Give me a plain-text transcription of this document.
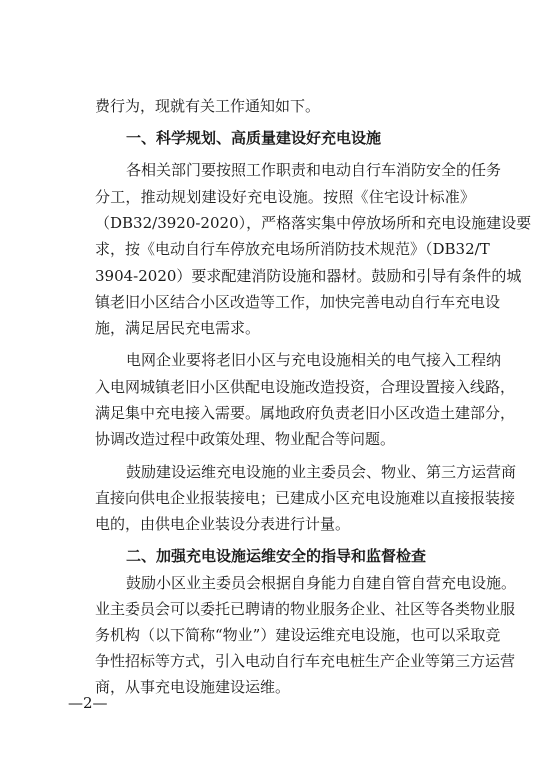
费行为，现就有关工作通知如下。
一、科学规划、高质量建设好充电设施
各相关部门要按照工作职责和电动自行车消防安全的任务
分工，推动规划建设好充电设施。按照《住宅设计标准》
（DB32/3920-2020），严格落实集中停放场所和充电设施建设要
求，按《电动自行车停放充电场所消防技术规范》（DB32/T
3904-2020）要求配建消防设施和器材。鼓励和引导有条件的城
镇老旧小区结合小区改造等工作，加快完善电动自行车充电设
施，满足居民充电需求。
电网企业要将老旧小区与充电设施相关的电气接入工程纳
入电网城镇老旧小区供配电设施改造投资，合理设置接入线路，
满足集中充电接入需要。属地政府负责老旧小区改造土建部分，
协调改造过程中政策处理、物业配合等问题。
鼓励建设运维充电设施的业主委员会、物业、第三方运营商
直接向供电企业报装接电；已建成小区充电设施难以直接报装接
电的，由供电企业装设分表进行计量。
二、加强充电设施运维安全的指导和监督检查
鼓励小区业主委员会根据自身能力自建自管自营充电设施。
业主委员会可以委托已聘请的物业服务企业、社区等各类物业服
务机构（以下简称“物业”）建设运维充电设施，也可以采取竞
争性招标等方式，引入电动自行车充电桩生产企业等第三方运营
商，从事充电设施建设运维。
—2—
